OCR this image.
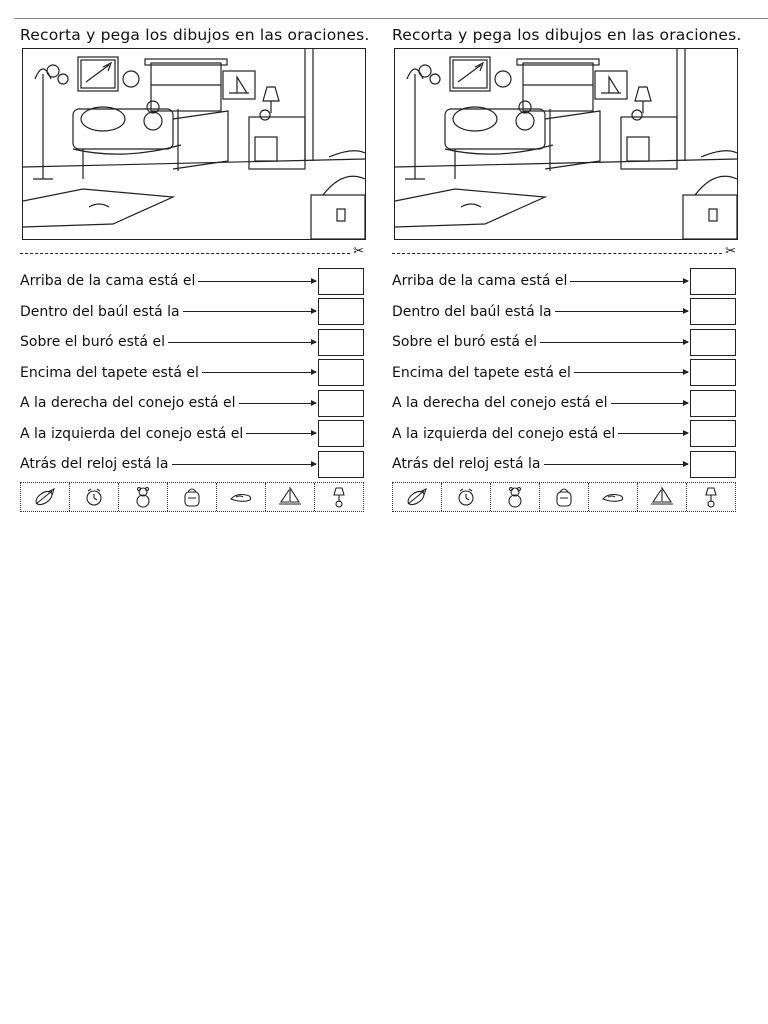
Recorta y pega los dibujos en las oraciones.
✂
Arriba de la cama está el
Dentro del baúl está la
Sobre el buró está el
Encima del tapete está el
A la derecha del conejo está el
A la izquierda del conejo está el
Atrás del reloj está la
Recorta y pega los dibujos en las oraciones.
✂
Arriba de la cama está el
Dentro del baúl está la
Sobre el buró está el
Encima del tapete está el
A la derecha del conejo está el
A la izquierda del conejo está el
Atrás del reloj está la
